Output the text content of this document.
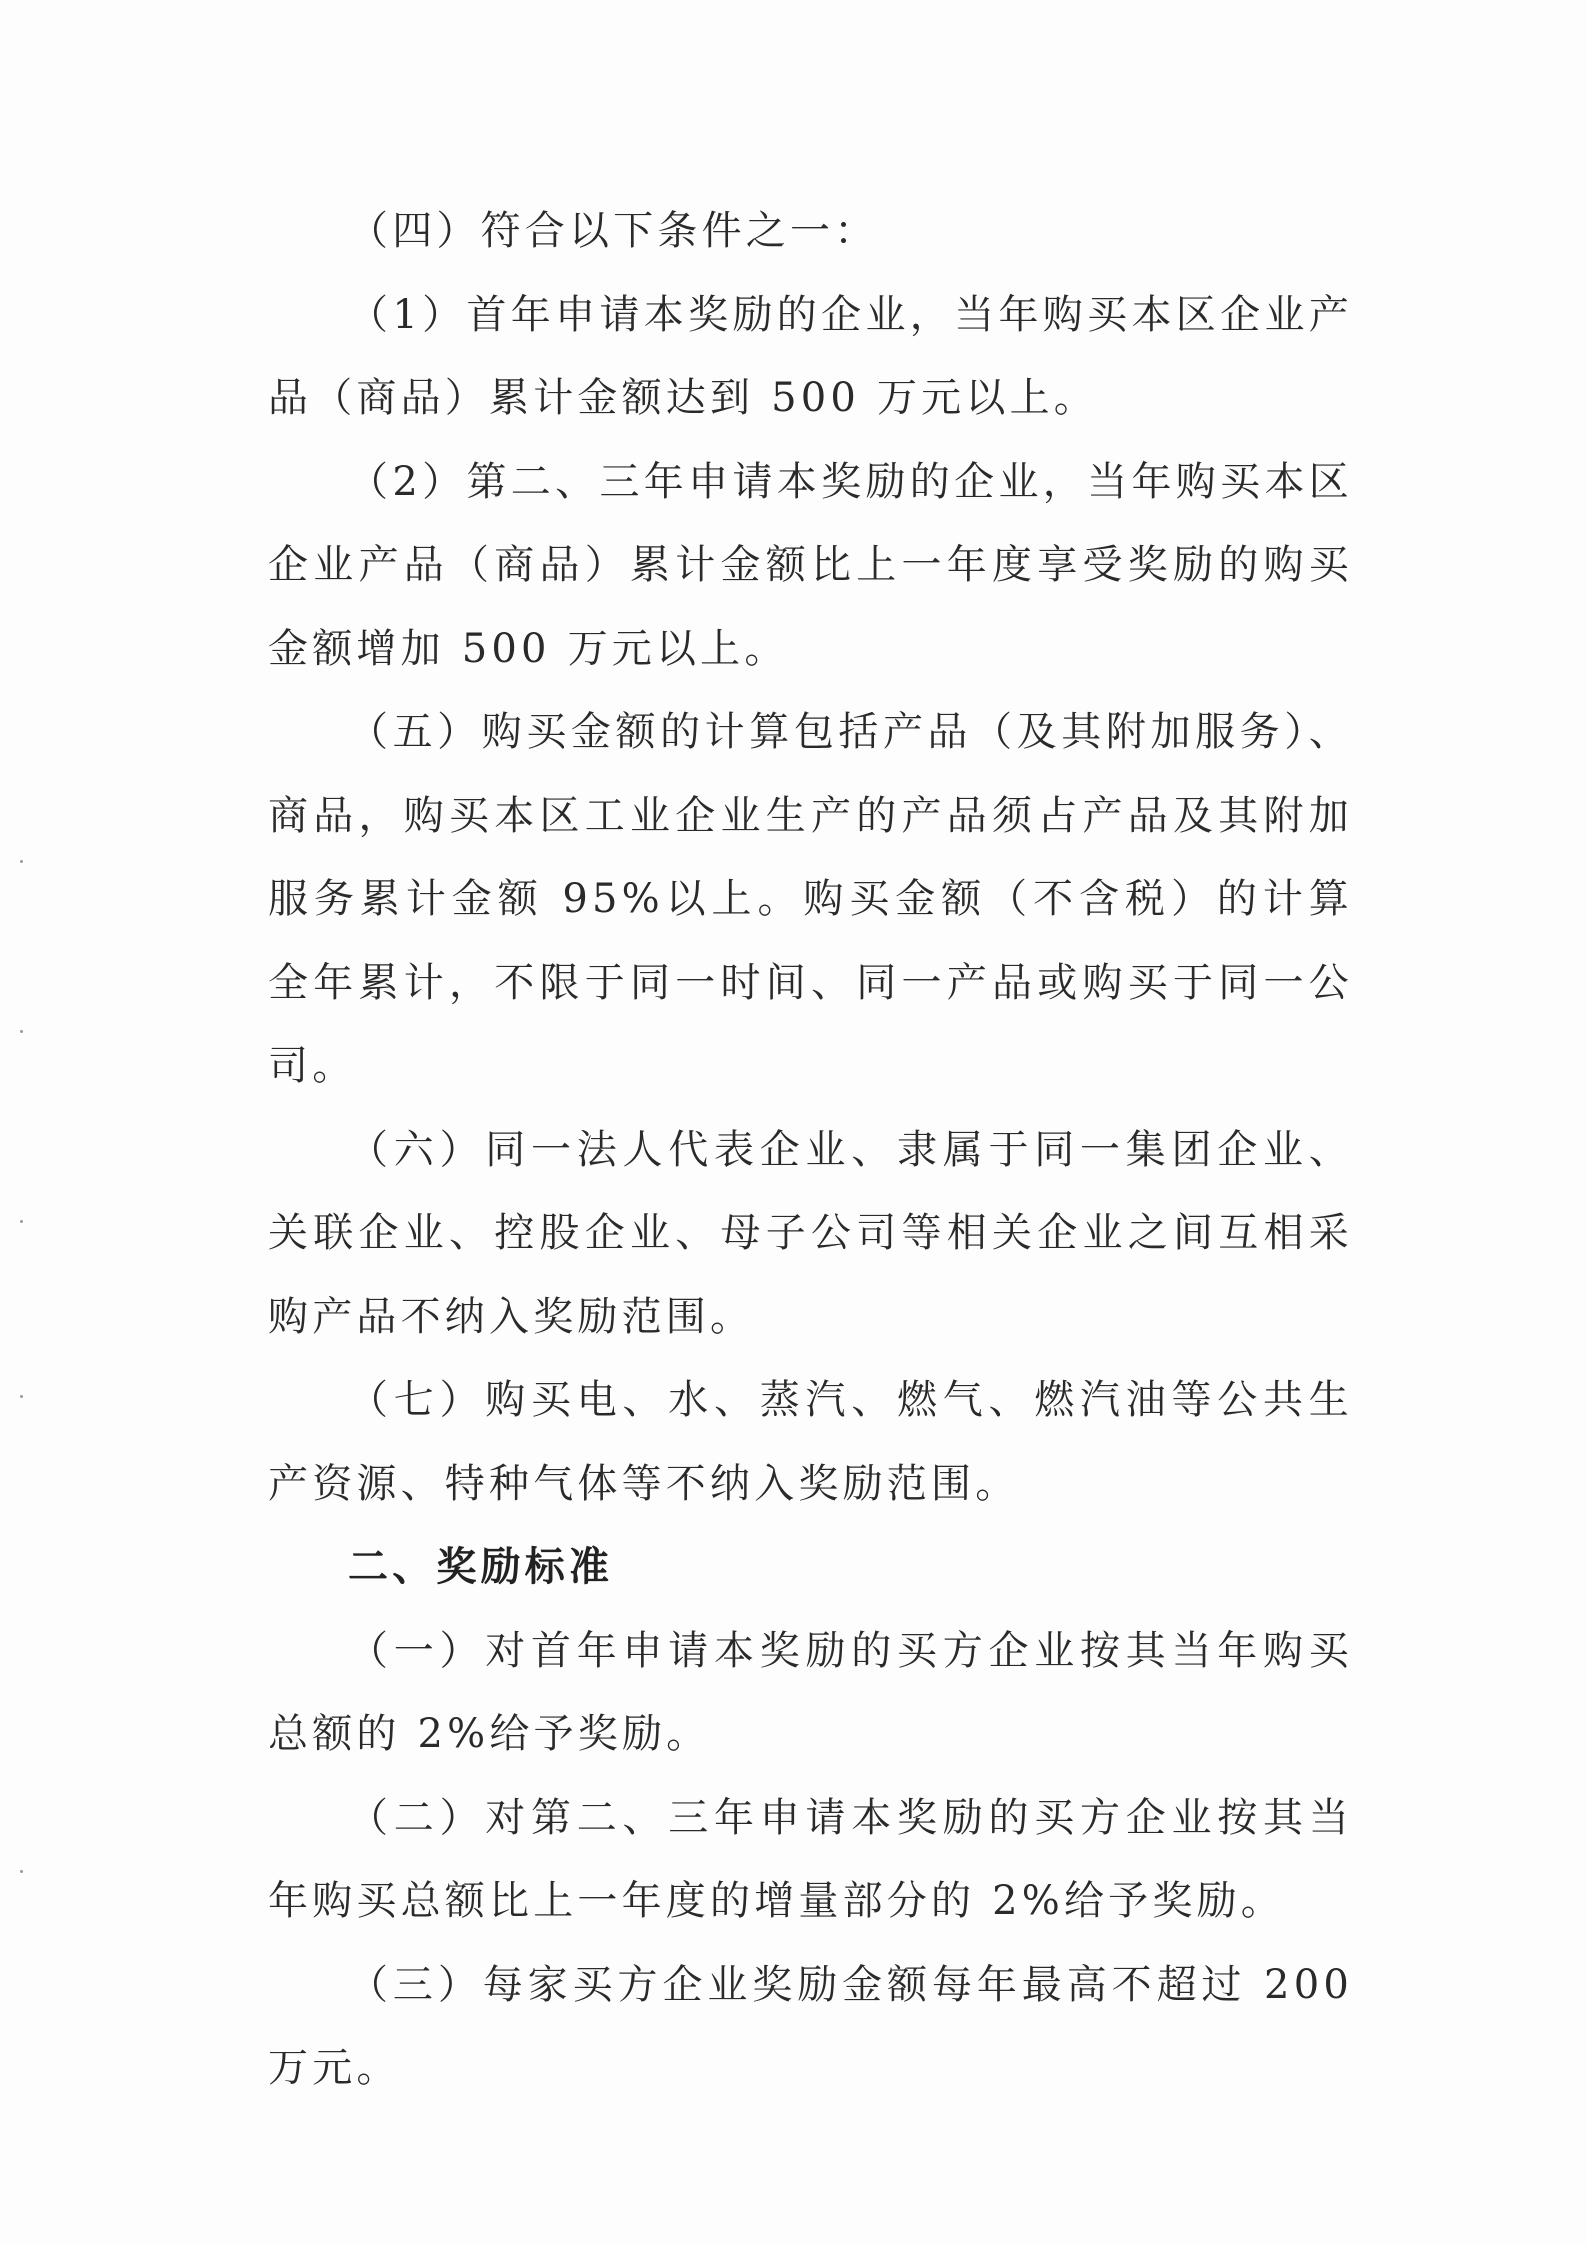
（四）符合以下条件之一：

（1）首年申请本奖励的企业，当年购买本区企业产品（商品）累计金额达到 500 万元以上。

（2）第二、三年申请本奖励的企业，当年购买本区企业产品（商品）累计金额比上一年度享受奖励的购买金额增加 500 万元以上。

（五）购买金额的计算包括产品（及其附加服务）、商品，购买本区工业企业生产的产品须占产品及其附加服务累计金额 95%以上。购买金额（不含税）的计算全年累计，不限于同一时间、同一产品或购买于同一公司。

（六）同一法人代表企业、隶属于同一集团企业、关联企业、控股企业、母子公司等相关企业之间互相采购产品不纳入奖励范围。

（七）购买电、水、蒸汽、燃气、燃汽油等公共生产资源、特种气体等不纳入奖励范围。

二、奖励标准

（一）对首年申请本奖励的买方企业按其当年购买总额的 2%给予奖励。

（二）对第二、三年申请本奖励的买方企业按其当年购买总额比上一年度的增量部分的 2%给予奖励。

（三）每家买方企业奖励金额每年最高不超过 200 万元。
